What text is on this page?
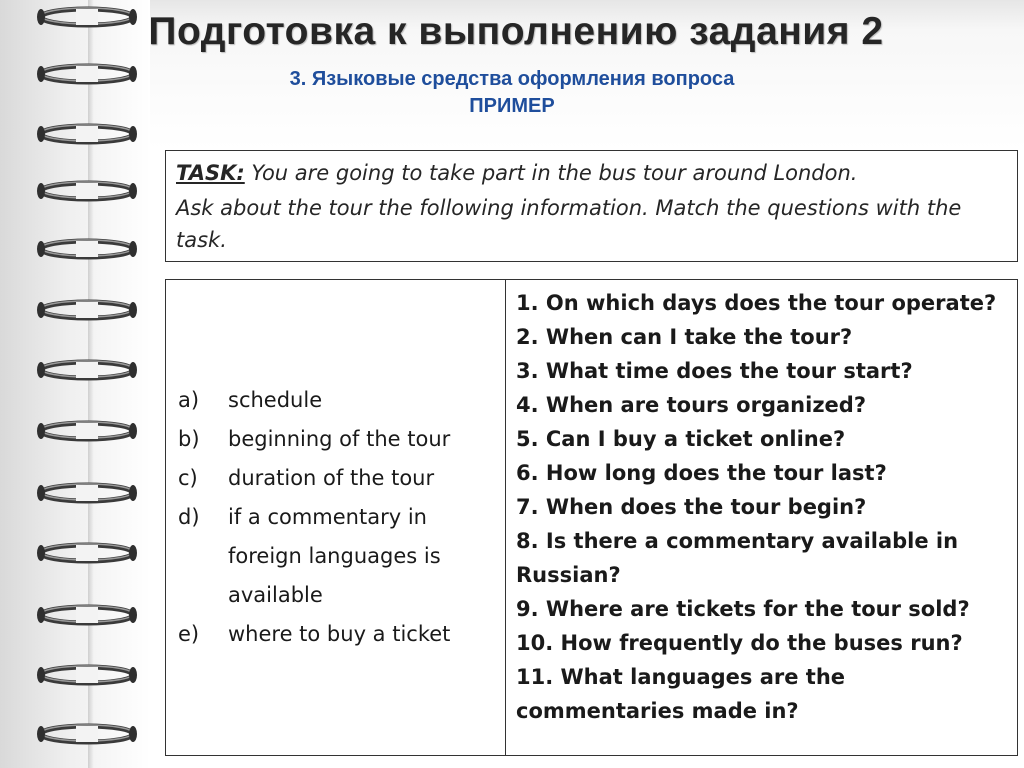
Подготовка к выполнению задания 2
3. Языковые средства оформления вопроса
ПРИМЕР
TASK: You are going to take part in the bus tour around London.
Ask about the tour the following information. Match the questions with the task.
a)	schedule
b)	beginning of the tour
c)	duration of the tour
d)	if a commentary in foreign languages is available
e)	where to buy a ticket
1. On which days does the tour operate?
2. When can I take the tour?
3. What time does the tour start?
4. When are tours organized?
5. Can I buy a ticket online?
6. How long does the tour last?
7. When does the tour begin?
8. Is there a commentary available in Russian?
9. Where are tickets for the tour sold?
10. How frequently do the buses run?
11. What languages are the commentaries made in?
